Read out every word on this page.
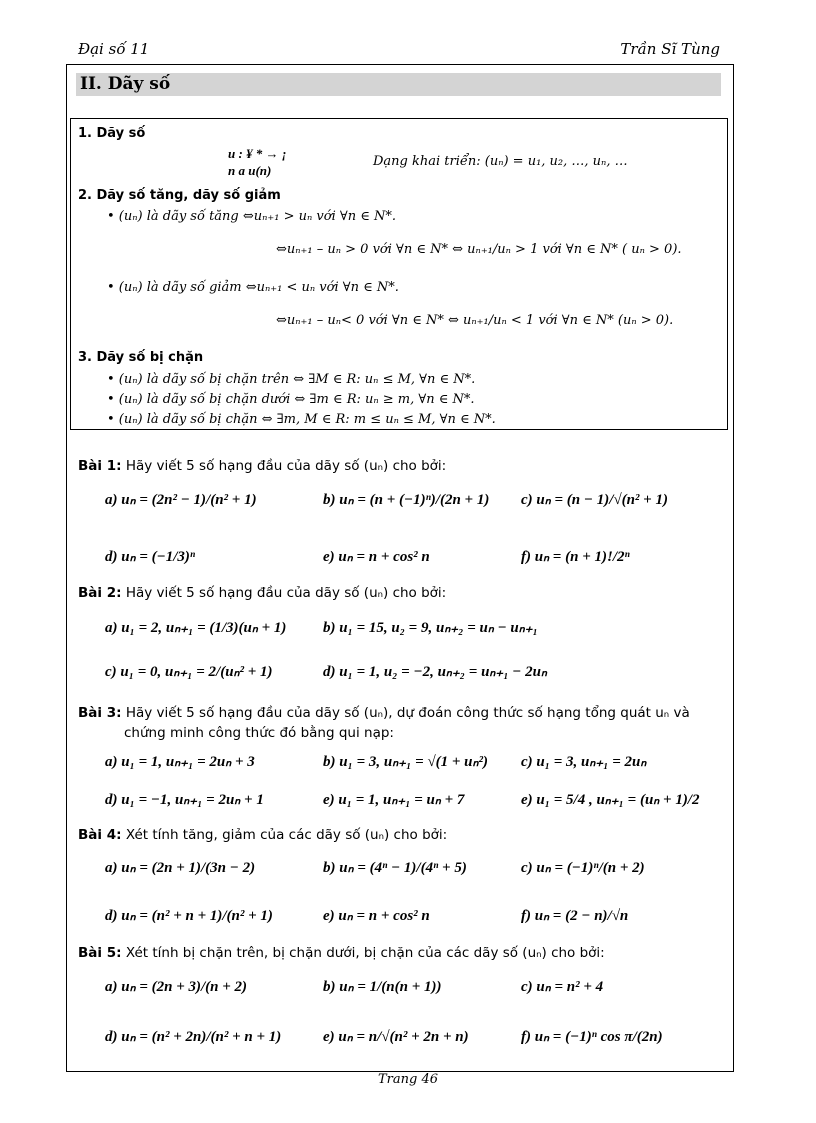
Đại số 11	Trần Sĩ Tùng
II. Dãy số
1. Dãy số
u : ¥ * → ¡
n a u(n)
Dạng khai triển: (uₙ) = u₁, u₂, …, uₙ, …
2. Dãy số tăng, dãy số giảm
• (uₙ) là dãy số tăng ⇔uₙ₊₁ > uₙ với ∀n ∈ N*.
⇔uₙ₊₁ – uₙ > 0 với ∀n ∈ N* ⇔ uₙ₊₁/uₙ > 1 với ∀n ∈ N* ( uₙ > 0).
• (uₙ) là dãy số giảm ⇔uₙ₊₁ < uₙ với ∀n ∈ N*.
⇔uₙ₊₁ – uₙ< 0 với ∀n ∈ N* ⇔ uₙ₊₁/uₙ < 1 với ∀n ∈ N* (uₙ > 0).
3. Dãy số bị chặn
• (uₙ) là dãy số bị chặn trên ⇔ ∃M ∈ R: uₙ ≤ M, ∀n ∈ N*.
• (uₙ) là dãy số bị chặn dưới ⇔ ∃m ∈ R: uₙ ≥ m, ∀n ∈ N*.
• (uₙ) là dãy số bị chặn ⇔ ∃m, M ∈ R: m ≤ uₙ ≤ M, ∀n ∈ N*.
Bài 1: Hãy viết 5 số hạng đầu của dãy số (uₙ) cho bởi:
a) uₙ = (2n² − 1)/(n² + 1)	b) uₙ = (n + (−1)ⁿ)/(2n + 1) c) uₙ = (n − 1)/√(n² + 1)
d) uₙ = (−1/3)ⁿ	e) uₙ = n + cos² n	f) uₙ = (n + 1)!/2ⁿ
Bài 2: Hãy viết 5 số hạng đầu của dãy số (uₙ) cho bởi:
a) u₁ = 2, uₙ₊₁ = (1/3)(uₙ + 1) b) u₁ = 15, u₂ = 9, uₙ₊₂ = uₙ − uₙ₊₁
c) u₁ = 0, uₙ₊₁ = 2/(uₙ² + 1)	d) u₁ = 1, u₂ = −2, uₙ₊₂ = uₙ₊₁ − 2uₙ
Bài 3: Hãy viết 5 số hạng đầu của dãy số (uₙ), dự đoán công thức số hạng tổng quát uₙ và
chứng minh công thức đó bằng qui nạp:
a) u₁ = 1, uₙ₊₁ = 2uₙ + 3	b) u₁ = 3, uₙ₊₁ = √(1 + uₙ²) c) u₁ = 3, uₙ₊₁ = 2uₙ
d) u₁ = −1, uₙ₊₁ = 2uₙ + 1	e) u₁ = 1, uₙ₊₁ = uₙ + 7	e) u₁ = 5/4 , uₙ₊₁ = (uₙ + 1)/2
Bài 4: Xét tính tăng, giảm của các dãy số (uₙ) cho bởi:
a) uₙ = (2n + 1)/(3n − 2)	b) uₙ = (4ⁿ − 1)/(4ⁿ + 5)	c) uₙ = (−1)ⁿ/(n + 2)
d) uₙ = (n² + n + 1)/(n² + 1)	e) uₙ = n + cos² n	f) uₙ = (2 − n)/√n
Bài 5: Xét tính bị chặn trên, bị chặn dưới, bị chặn của các dãy số (uₙ) cho bởi:
a) uₙ = (2n + 3)/(n + 2)	b) uₙ = 1/(n(n + 1))	c) uₙ = n² + 4
d) uₙ = (n² + 2n)/(n² + n + 1)	e) uₙ = n/√(n² + 2n + n)	f) uₙ = (−1)ⁿ cos π/(2n)
Trang 46
